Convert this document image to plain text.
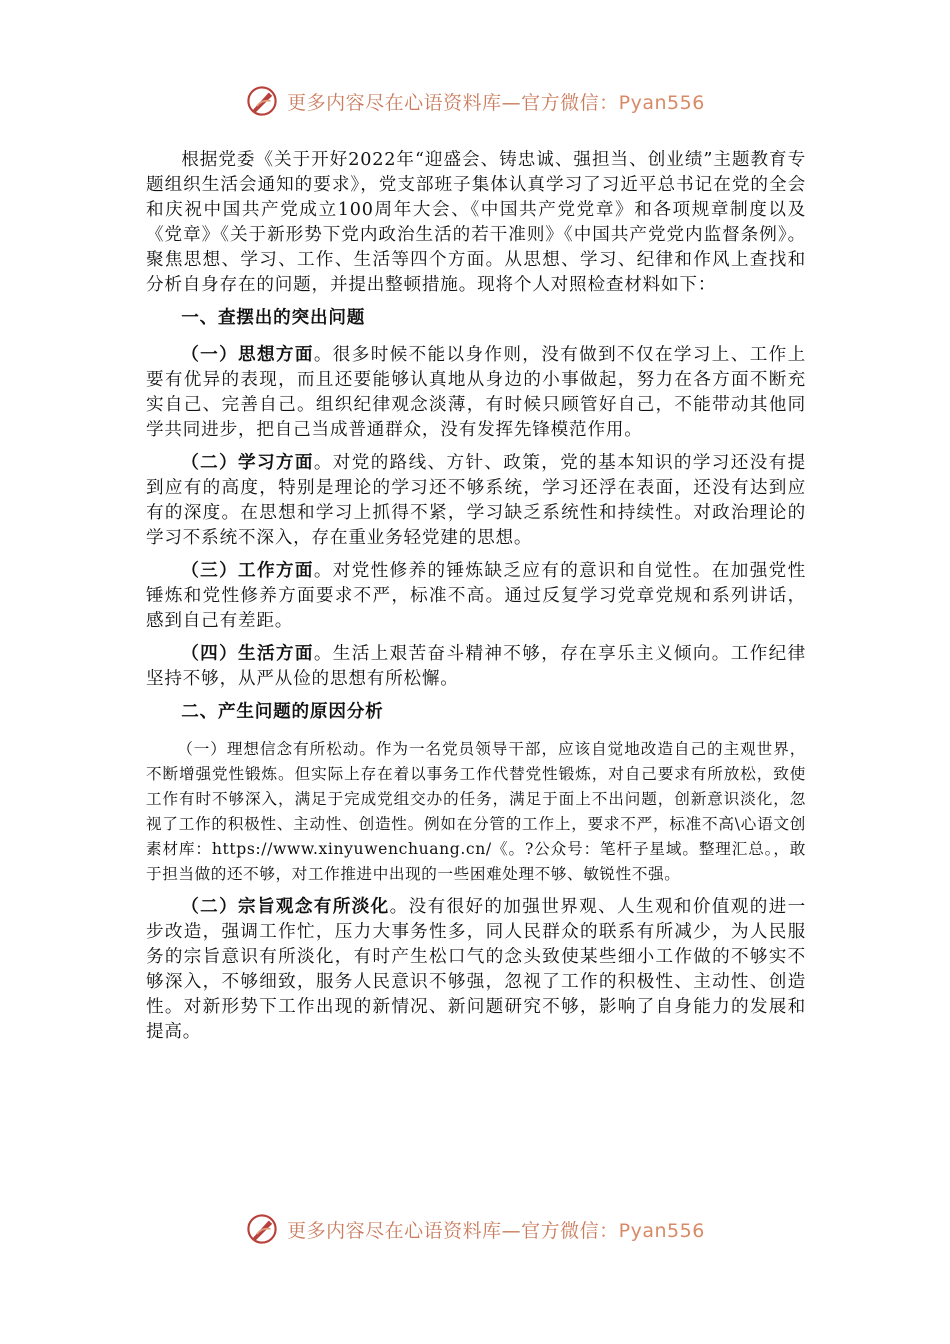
更多内容尽在心语资料库—官方微信：Pyan556

根据党委《关于开好2022年“迎盛会、铸忠诚、强担当、创业绩”主题教育专题组织生活会通知的要求》，党支部班子集体认真学习了习近平总书记在党的全会和庆祝中国共产党成立100周年大会、《中国共产党党章》和各项规章制度以及《党章》《关于新形势下党内政治生活的若干准则》《中国共产党党内监督条例》。聚焦思想、学习、工作、生活等四个方面。从思想、学习、纪律和作风上查找和分析自身存在的问题，并提出整顿措施。现将个人对照检查材料如下：

一、查摆出的突出问题

（一）思想方面。很多时候不能以身作则，没有做到不仅在学习上、工作上要有优异的表现，而且还要能够认真地从身边的小事做起，努力在各方面不断充实自己、完善自己。组织纪律观念淡薄，有时候只顾管好自己，不能带动其他同学共同进步，把自己当成普通群众，没有发挥先锋模范作用。

（二）学习方面。对党的路线、方针、政策，党的基本知识的学习还没有提到应有的高度，特别是理论的学习还不够系统，学习还浮在表面，还没有达到应有的深度。在思想和学习上抓得不紧，学习缺乏系统性和持续性。对政治理论的学习不系统不深入，存在重业务轻党建的思想。

（三）工作方面。对党性修养的锤炼缺乏应有的意识和自觉性。在加强党性锤炼和党性修养方面要求不严，标准不高。通过反复学习党章党规和系列讲话，感到自己有差距。

（四）生活方面。生活上艰苦奋斗精神不够，存在享乐主义倾向。工作纪律坚持不够，从严从俭的思想有所松懈。

二、产生问题的原因分析

（一）理想信念有所松动。作为一名党员领导干部，应该自觉地改造自己的主观世界，不断增强党性锻炼。但实际上存在着以事务工作代替党性锻炼，对自己要求有所放松，致使工作有时不够深入，满足于完成党组交办的任务，满足于面上不出问题，创新意识淡化，忽视了工作的积极性、主动性、创造性。例如在分管的工作上，要求不严，标准不高\心语文创素材库：https://www.xinyuwenchuang.cn/《。?公众号：笔杆子星域。整理汇总。，敢于担当做的还不够，对工作推进中出现的一些困难处理不够、敏锐性不强。

（二）宗旨观念有所淡化。没有很好的加强世界观、人生观和价值观的进一步改造，强调工作忙，压力大事务性多，同人民群众的联系有所减少，为人民服务的宗旨意识有所淡化，有时产生松口气的念头致使某些细小工作做的不够实不够深入，不够细致，服务人民意识不够强，忽视了工作的积极性、主动性、创造性。对新形势下工作出现的新情况、新问题研究不够，影响了自身能力的发展和提高。

更多内容尽在心语资料库—官方微信：Pyan556
